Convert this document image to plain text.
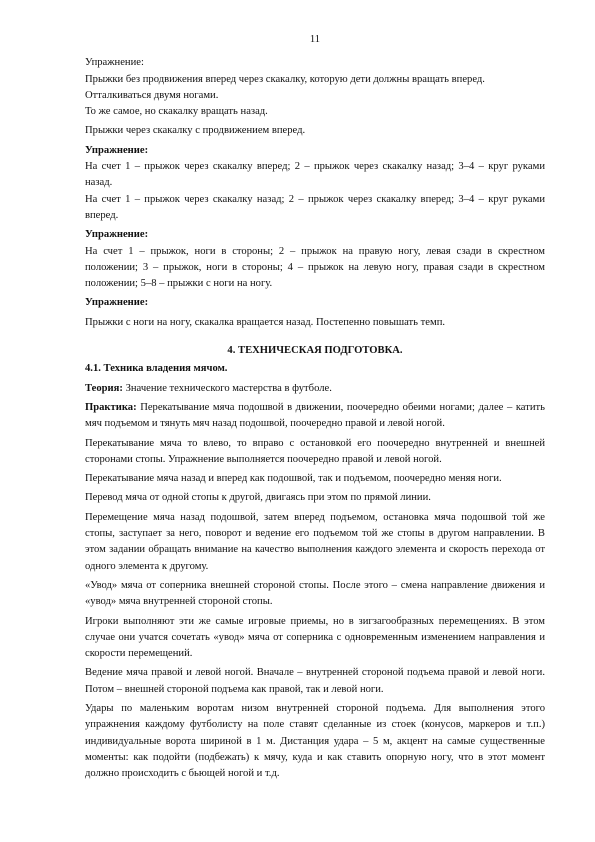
11

Упражнение:

Прыжки без продвижения вперед через скакалку, которую дети должны вращать вперед.

Отталкиваться двумя ногами.

То же самое, но скакалку вращать назад.

Прыжки через скакалку с продвижением вперед.

Упражнение:

На счет 1 – прыжок через скакалку вперед; 2 – прыжок через скакалку назад; 3–4 – круг руками назад.

На счет 1 – прыжок через скакалку назад; 2 – прыжок через скакалку вперед; 3–4 – круг руками вперед.

Упражнение:

На счет 1 – прыжок, ноги в стороны; 2 – прыжок на правую ногу, левая сзади в скрестном положении; 3 – прыжок, ноги в стороны; 4 – прыжок на левую ногу, правая сзади в скрестном положении; 5–8 – прыжки с ноги на ногу.

Упражнение:

Прыжки с ноги на ногу, скакалка вращается назад. Постепенно повышать темп.

4. ТЕХНИЧЕСКАЯ ПОДГОТОВКА.

4.1. Техника владения мячом.

Теория: Значение технического мастерства в футболе.

Практика: Перекатывание мяча подошвой в движении, поочередно обеими ногами; далее – катить мяч подъемом и тянуть мяч назад подошвой, поочередно правой и левой ногой.

Перекатывание мяча то влево, то вправо с остановкой его поочередно внутренней и внешней сторонами стопы. Упражнение выполняется поочередно правой и левой ногой.

Перекатывание мяча назад и вперед как подошвой, так и подъемом, поочередно меняя ноги.

Перевод мяча от одной стопы к другой, двигаясь при этом по прямой линии.

Перемещение мяча назад подошвой, затем вперед подъемом, остановка мяча подошвой той же стопы, заступает за него, поворот и ведение его подъемом той же стопы в другом направлении. В этом задании обращать внимание на качество выполнения каждого элемента и скорость перехода от одного элемента к другому.

«Увод» мяча от соперника внешней стороной стопы. После этого – смена направление движения и «увод» мяча внутренней стороной стопы.

Игроки выполняют эти же самые игровые приемы, но в зигзагообразных перемещениях. В этом случае они учатся сочетать «увод» мяча от соперника с одновременным изменением направления и скорости перемещений.

Ведение мяча правой и левой ногой. Вначале – внутренней стороной подъема правой и левой ноги. Потом – внешней стороной подъема как правой, так и левой ноги.

Удары по маленьким воротам низом внутренней стороной подъема. Для выполнения этого упражнения каждому футболисту на поле ставят сделанные из стоек (конусов, маркеров и т.п.) индивидуальные ворота шириной в 1 м. Дистанция удара – 5 м, акцент на самые существенные моменты: как подойти (подбежать) к мячу, куда и как ставить опорную ногу, что в этот момент должно происходить с бьющей ногой и т.д.
